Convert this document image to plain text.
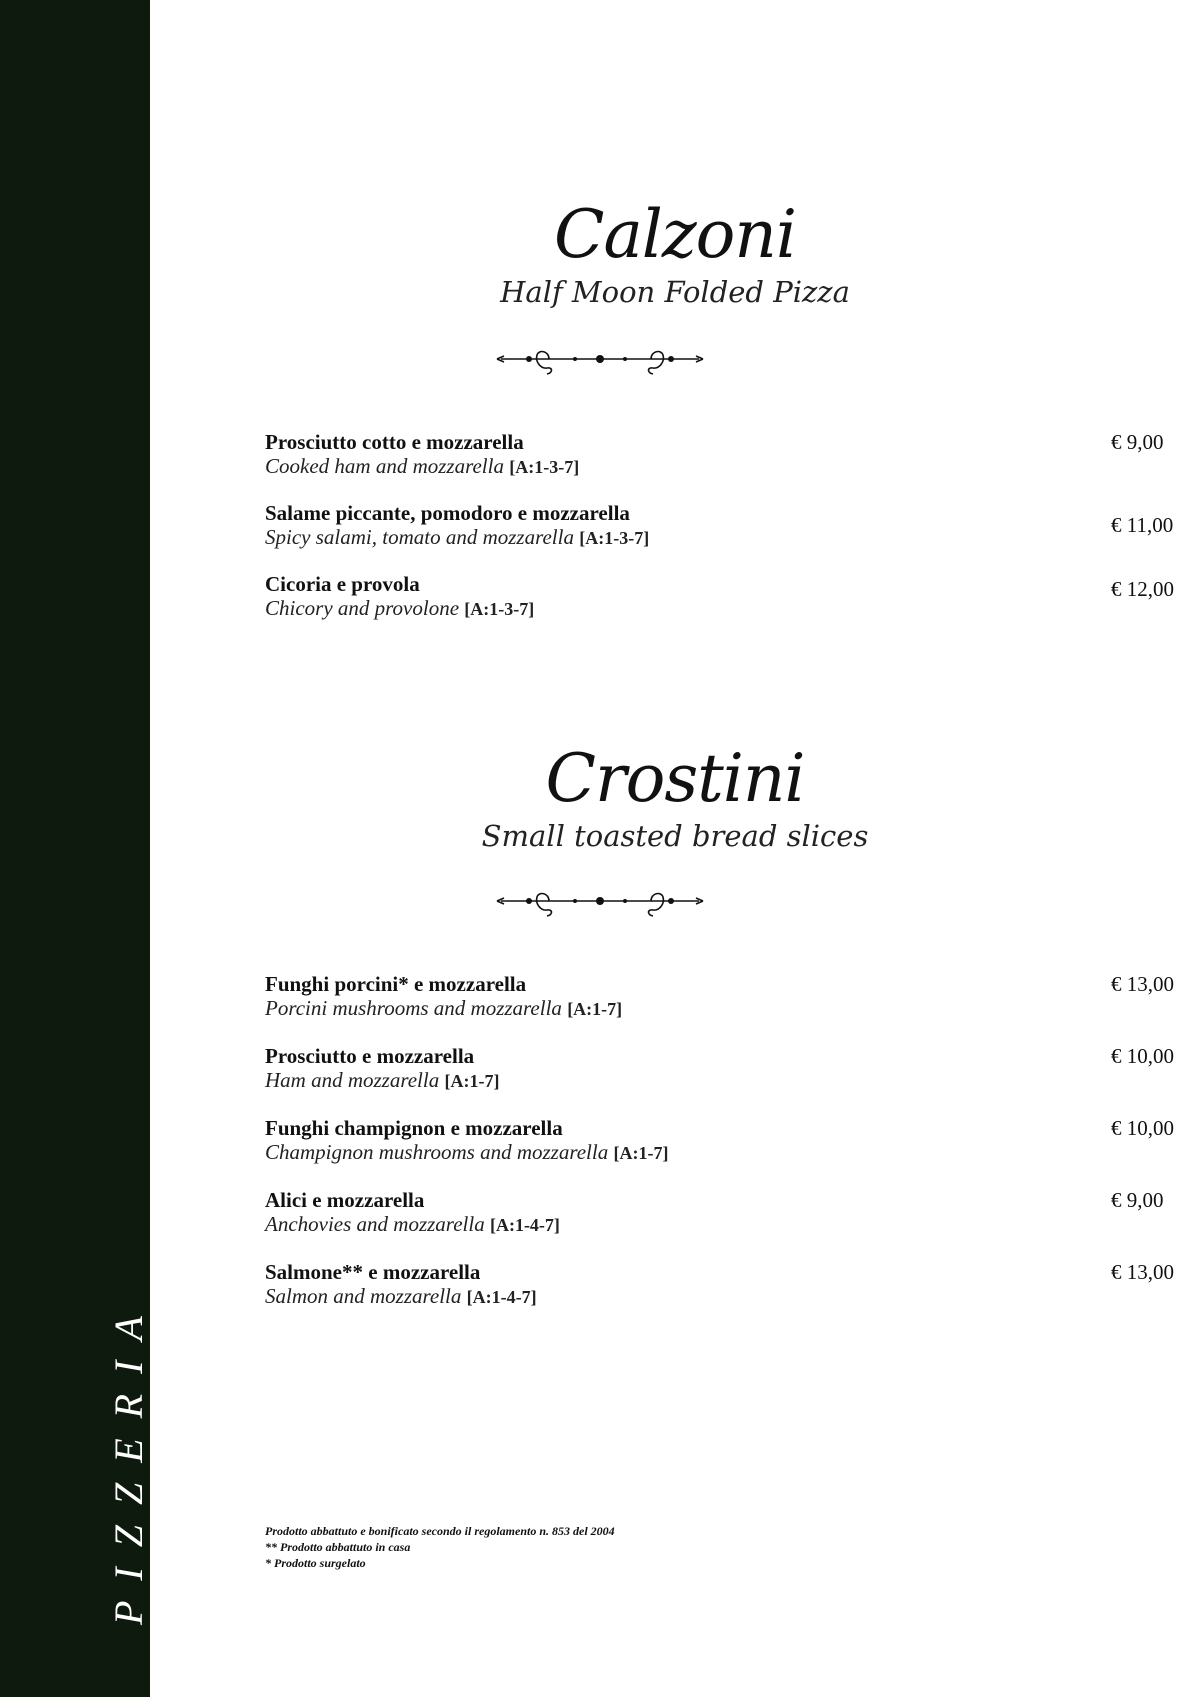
PIZZERIA
Calzoni
Half Moon Folded Pizza
Prosciutto cotto e mozzarella
Cooked ham and mozzarella [A:1-3-7]
€ 9,00
Salame piccante, pomodoro e mozzarella
Spicy salami, tomato and mozzarella [A:1-3-7]
€ 11,00
Cicoria e provola
Chicory and provolone [A:1-3-7]
€ 12,00
Crostini
Small toasted bread slices
Funghi porcini* e mozzarella
Porcini mushrooms and mozzarella [A:1-7]
€ 13,00
Prosciutto e mozzarella
Ham and mozzarella [A:1-7]
€ 10,00
Funghi champignon e mozzarella
Champignon mushrooms and mozzarella [A:1-7]
€ 10,00
Alici e mozzarella
Anchovies and mozzarella [A:1-4-7]
€ 9,00
Salmone** e mozzarella
Salmon and mozzarella [A:1-4-7]
€ 13,00
Prodotto abbattuto e bonificato secondo il regolamento n. 853 del 2004
** Prodotto abbattuto in casa
* Prodotto surgelato
